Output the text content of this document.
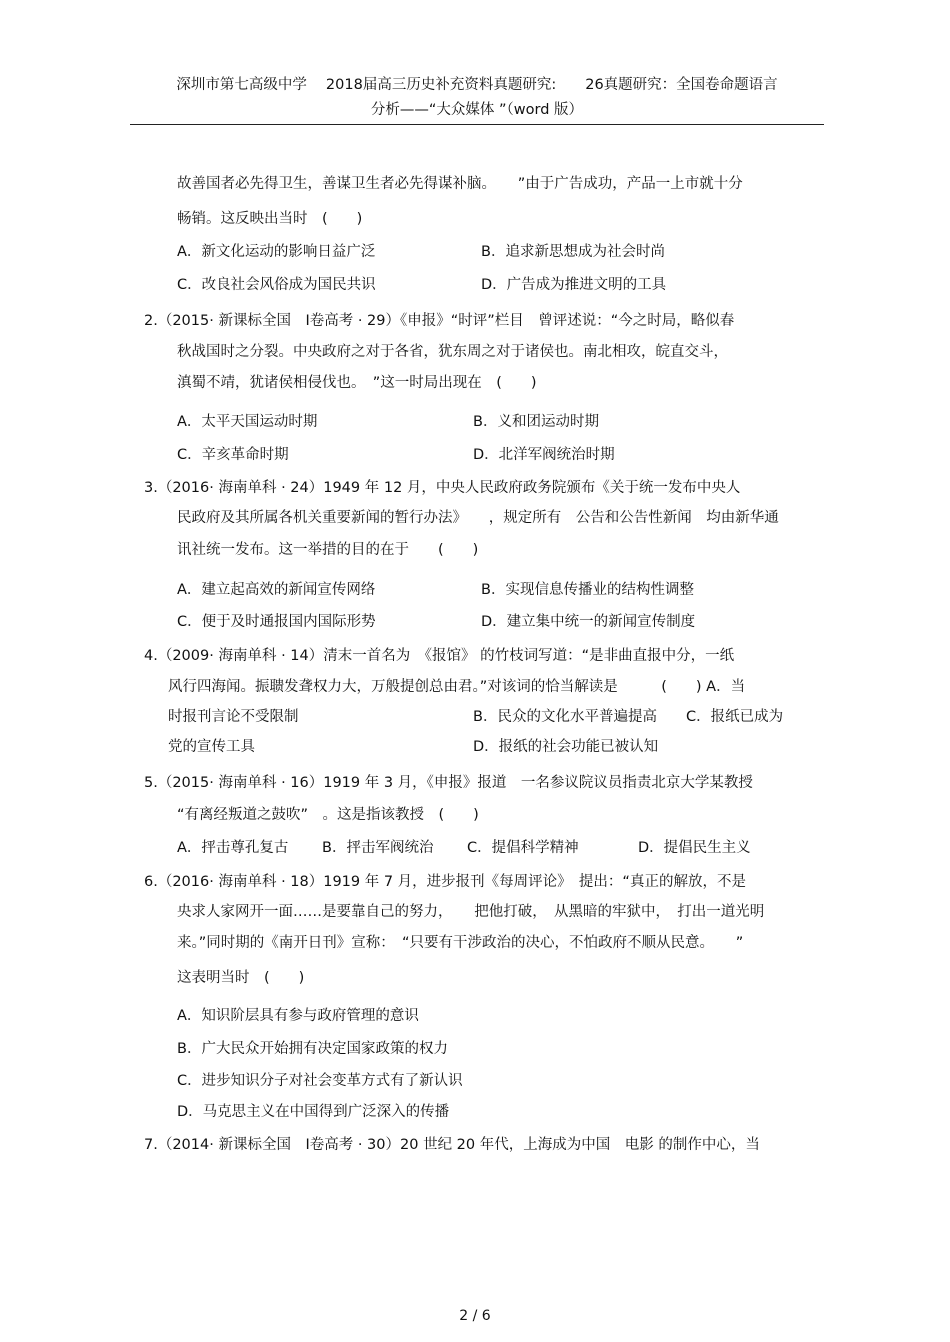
深圳市第七高级中学　 2018届高三历史补充资料真题研究:　　26真题研究：全国卷命题语言
分析——“大众媒体 ”（word 版）
故善国者必先得卫生，善谋卫生者必先得谋补脑。　　”由于广告成功，产品一上市就十分
畅销。这反映出当时　(　　)
A．新文化运动的影响日益广泛	B．追求新思想成为社会时尚
C．改良社会风俗成为国民共识	D．广告成为推进文明的工具
2.（2015· 新课标全国　Ⅰ卷高考 · 29）《申报》“时评”栏目　曾评述说：“今之时局，略似春
秋战国时之分裂。中央政府之对于各省，犹东周之对于诸侯也。南北相攻，皖直交斗，
滇蜀不靖，犹诸侯相侵伐也。　”这一时局出现在　(　　)
A．太平天国运动时期	B．义和团运动时期
C．辛亥革命时期	D．北洋军阀统治时期
3.（2016· 海南单科 · 24）1949 年 12 月，中央人民政府政务院颁布《关于统一发布中央人
民政府及其所属各机关重要新闻的暂行办法》　　，规定所有　公告和公告性新闻　均由新华通
讯社统一发布。这一举措的目的在于　　(　　)
A．建立起高效的新闻宣传网络	B．实现信息传播业的结构性调整
C．便于及时通报国内国际形势	D．建立集中统一的新闻宣传制度
4.（2009· 海南单科 · 14）清末一首名为　《报馆》 的竹枝词写道：“是非曲直报中分，一纸
风行四海闻。振聩发聋权力大，万般提创总由君。”对该词的恰当解读是　　　(　　) A．当
时报刊言论不受限制	B．民众的文化水平普遍提高　　C．报纸已成为
党的宣传工具	D．报纸的社会功能已被认知
5.（2015· 海南单科 · 16）1919 年 3 月，《申报》报道　一名参议院议员指责北京大学某教授
“有离经叛道之鼓吹”　。这是指该教授　(　　)
A．抨击尊孔复古 B．抨击军阀统治 C．提倡科学精神	D．提倡民生主义
6.（2016· 海南单科 · 18）1919 年 7 月，进步报刊《每周评论》　提出：“真正的解放，不是
央求人家网开一面……是要靠自己的努力，　　把他打破，　从黑暗的牢狱中，　打出一道光明
来。”同时期的《南开日刊》宣称：　“只要有干涉政治的决心，不怕政府不顺从民意。　　”
这表明当时　(　　)
A．知识阶层具有参与政府管理的意识
B．广大民众开始拥有决定国家政策的权力
C．进步知识分子对社会变革方式有了新认识
D．马克思主义在中国得到广泛深入的传播
7.（2014· 新课标全国　Ⅰ卷高考 · 30）20 世纪 20 年代，上海成为中国　电影 的制作中心，当
2 / 6
